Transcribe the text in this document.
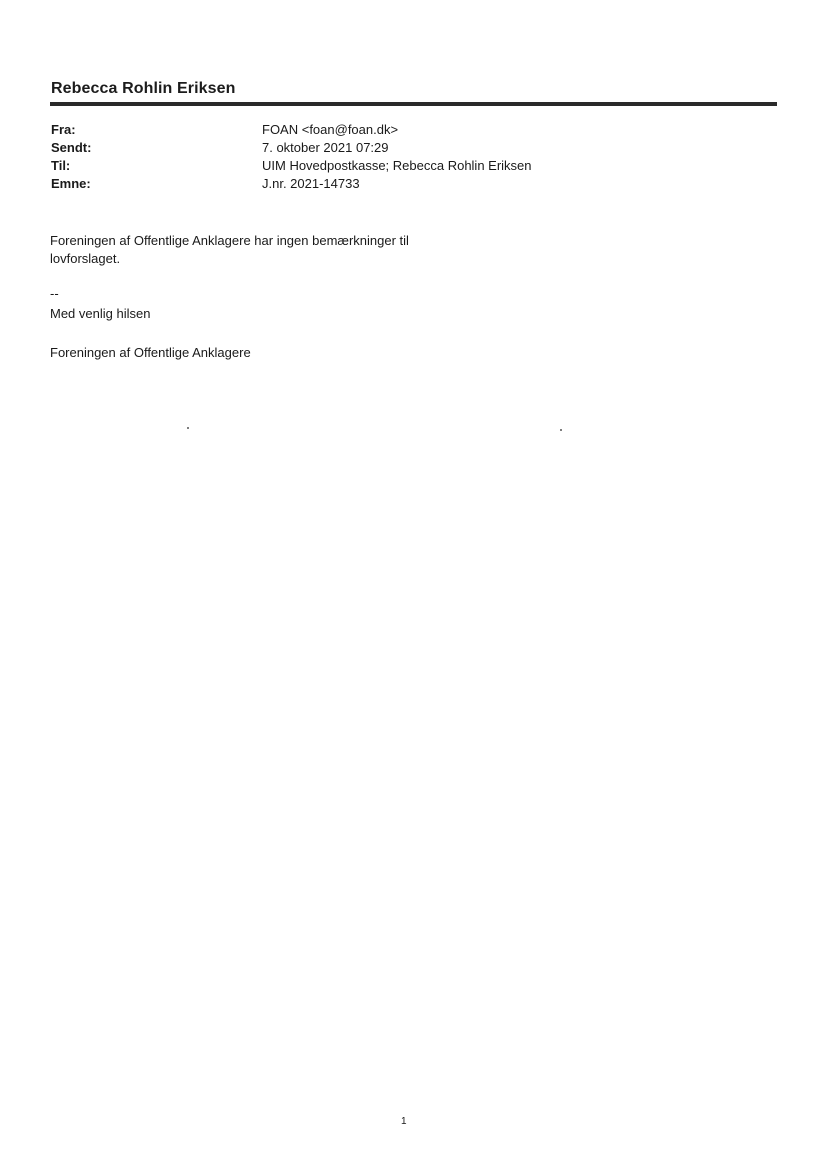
Rebecca Rohlin Eriksen
Fra:	FOAN <foan@foan.dk>
Sendt:	7. oktober 2021 07:29
Til:	UIM Hovedpostkasse; Rebecca Rohlin Eriksen
Emne:	J.nr. 2021-14733
Foreningen af Offentlige Anklagere har ingen bemærkninger til
lovforslaget.
--
Med venlig hilsen
Foreningen af Offentlige Anklagere
1
